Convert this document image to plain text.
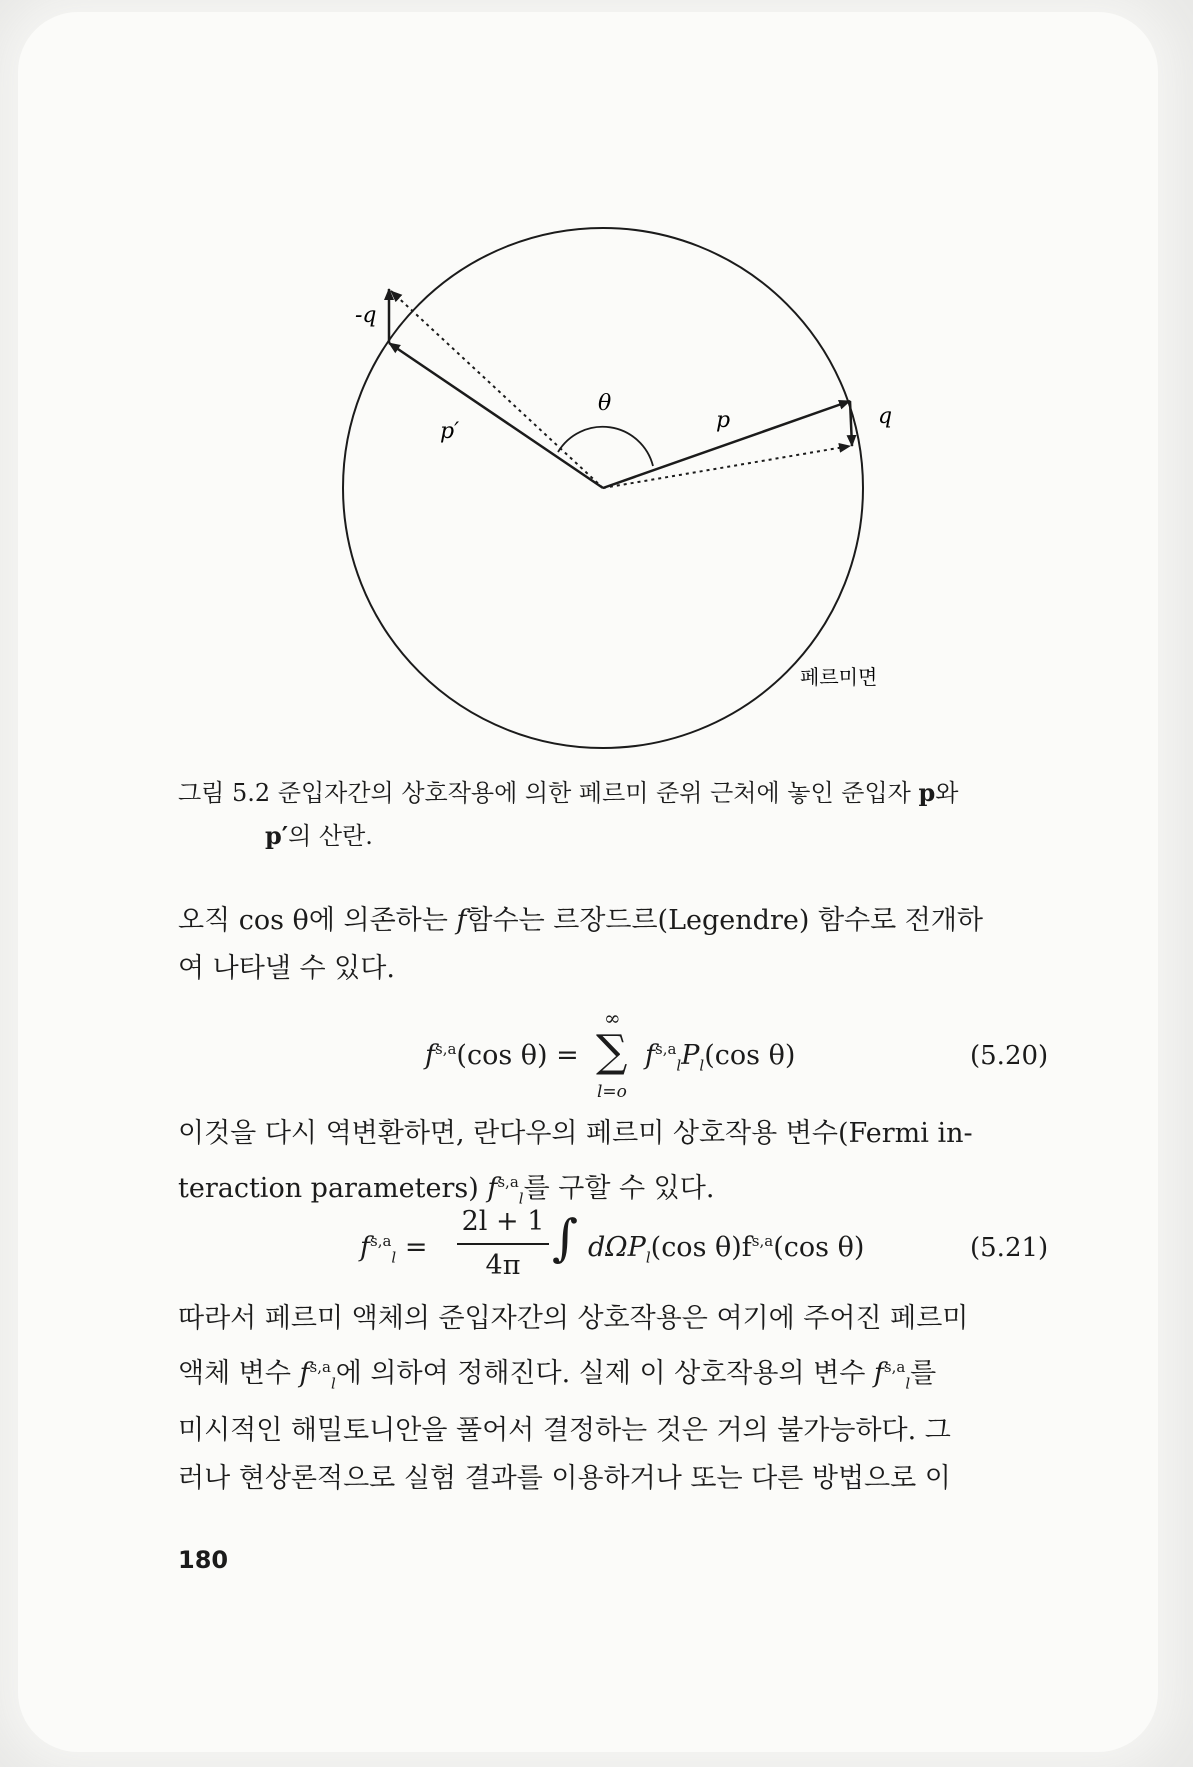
-q
θ
p
p′
q
페르미면
그림 5.2 준입자간의 상호작용에 의한 페르미 준위 근처에 놓인 준입자 p와
p′의 산란.
오직 cos θ에 의존하는 f함수는 르장드르(Legendre) 함수로 전개하
여 나타낼 수 있다.
$f^{s,a}(\cos$ θ) =
∞
∑
l=o
$f^{s,a}_lP_l(\cos$ θ)	(5.20)
이것을 다시 역변환하면, 란다우의 페르미 상호작용 변수(Fermi in-
teraction parameters) $f^{s,a}_l$를 구할 수 있다.
$f^{s,a}_l$ =
2l + 1
4π ∫ dΩP$_l$(cos $\theta)f^{s,a}(\cos$ θ)	(5.21)
따라서 페르미 액체의 준입자간의 상호작용은 여기에 주어진 페르미
액체 변수 $f^{s,a}_l$에 의하여 정해진다. 실제 이 상호작용의 변수 $f^{s,a}_l$를
미시적인 해밀토니안을 풀어서 결정하는 것은 거의 불가능하다. 그
러나 현상론적으로 실험 결과를 이용하거나 또는 다른 방법으로 이
180
